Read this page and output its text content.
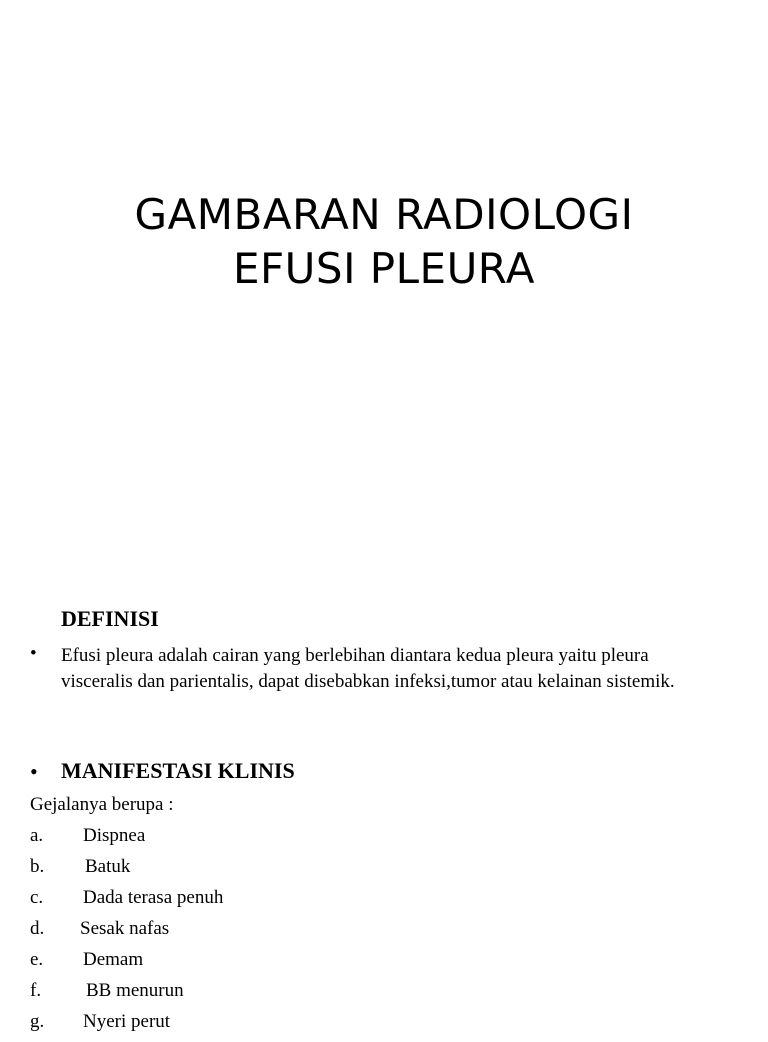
GAMBARAN RADIOLOGI
EFUSI PLEURA
DEFINISI
• Efusi pleura adalah cairan yang berlebihan diantara kedua pleura yaitu pleura visceralis dan parientalis, dapat disebabkan infeksi,tumor atau kelainan sistemik.

• MANIFESTASI KLINIS
Gejalanya berupa :
a. Dispnea
b. Batuk
c. Dada terasa penuh
d. Sesak nafas
e. Demam
f. BB menurun
g. Nyeri perut
